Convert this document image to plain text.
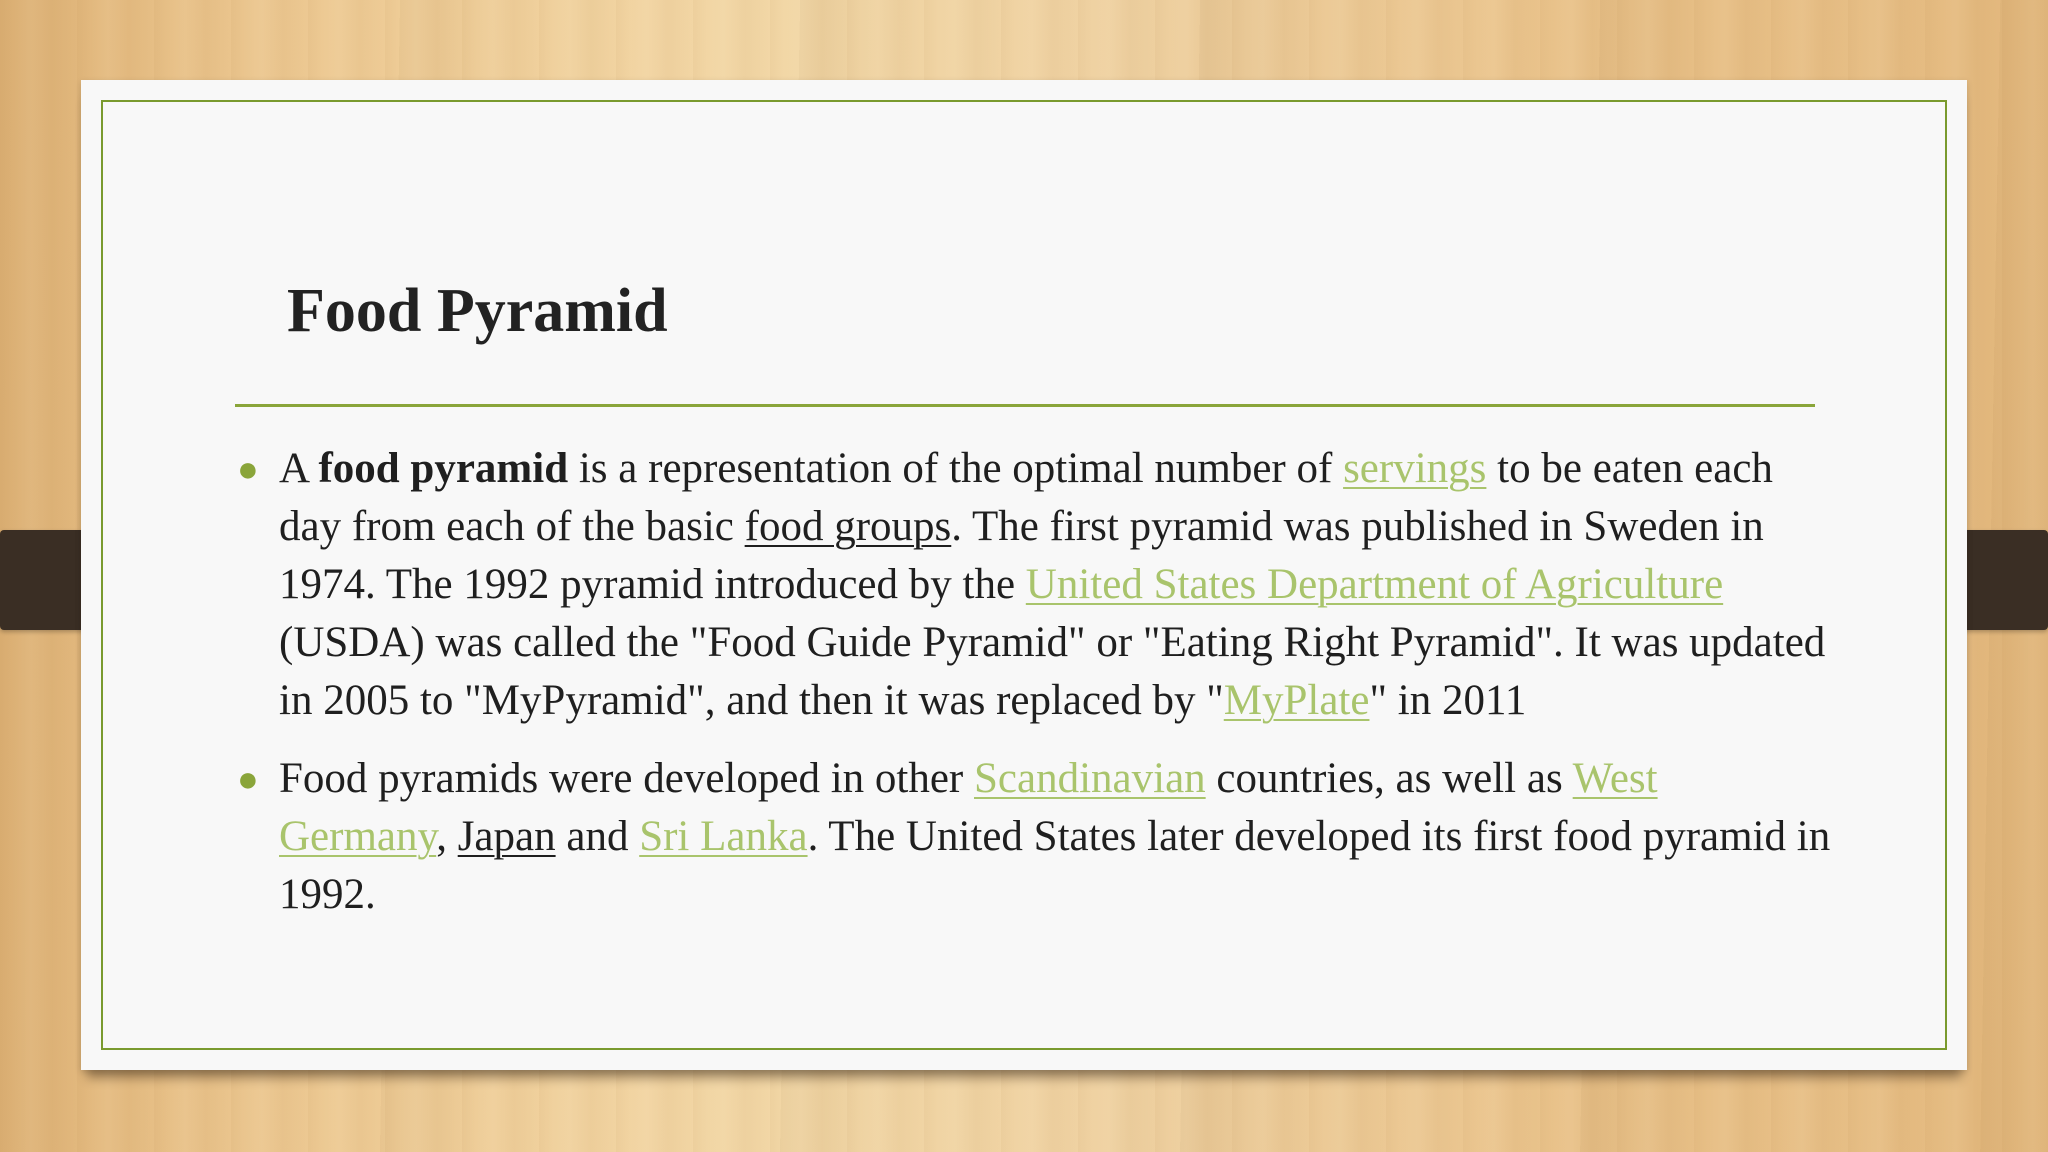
Food Pyramid
● A food pyramid is a representation of the optimal number of servings to be eaten each day from each of the basic food groups. The first pyramid was published in Sweden in 1974. The 1992 pyramid introduced by the United States Department of Agriculture (USDA) was called the "Food Guide Pyramid" or "Eating Right Pyramid". It was updated in 2005 to "MyPyramid", and then it was replaced by "MyPlate" in 2011
● Food pyramids were developed in other Scandinavian countries, as well as West Germany, Japan and Sri Lanka. The United States later developed its first food pyramid in 1992.
